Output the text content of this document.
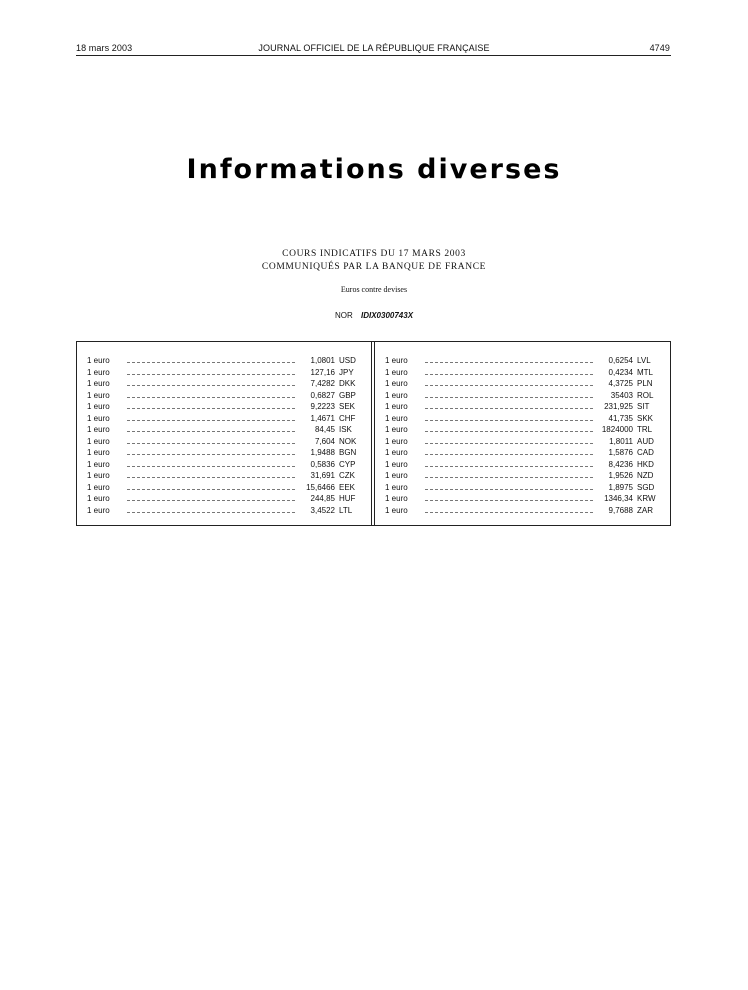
18 mars 2003	JOURNAL OFFICIEL DE LA RÉPUBLIQUE FRANÇAISE	4749
Informations diverses
COURS INDICATIFS DU 17 MARS 2003
COMMUNIQUÉS PAR LA BANQUE DE FRANCE
Euros contre devises
NOR IDIX0300743X
1 euro	1,0801 USD
1 euro	127,16 JPY
1 euro	7,4282 DKK
1 euro	0,6827 GBP
1 euro	9,2223 SEK
1 euro	1,4671 CHF
1 euro	84,45 ISK
1 euro	7,604 NOK
1 euro	1,9488 BGN
1 euro	0,5836 CYP
1 euro	31,691 CZK
1 euro	15,6466 EEK
1 euro	244,85 HUF
1 euro	3,4522 LTL
1 euro	0,6254 LVL
1 euro	0,4234 MTL
1 euro	4,3725 PLN
1 euro	35403 ROL
1 euro	231,925 SIT
1 euro	41,735 SKK
1 euro	1824000 TRL
1 euro	1,8011 AUD
1 euro	1,5876 CAD
1 euro	8,4236 HKD
1 euro	1,9526 NZD
1 euro	1,8975 SGD
1 euro	1346,34 KRW
1 euro	9,7688 ZAR
